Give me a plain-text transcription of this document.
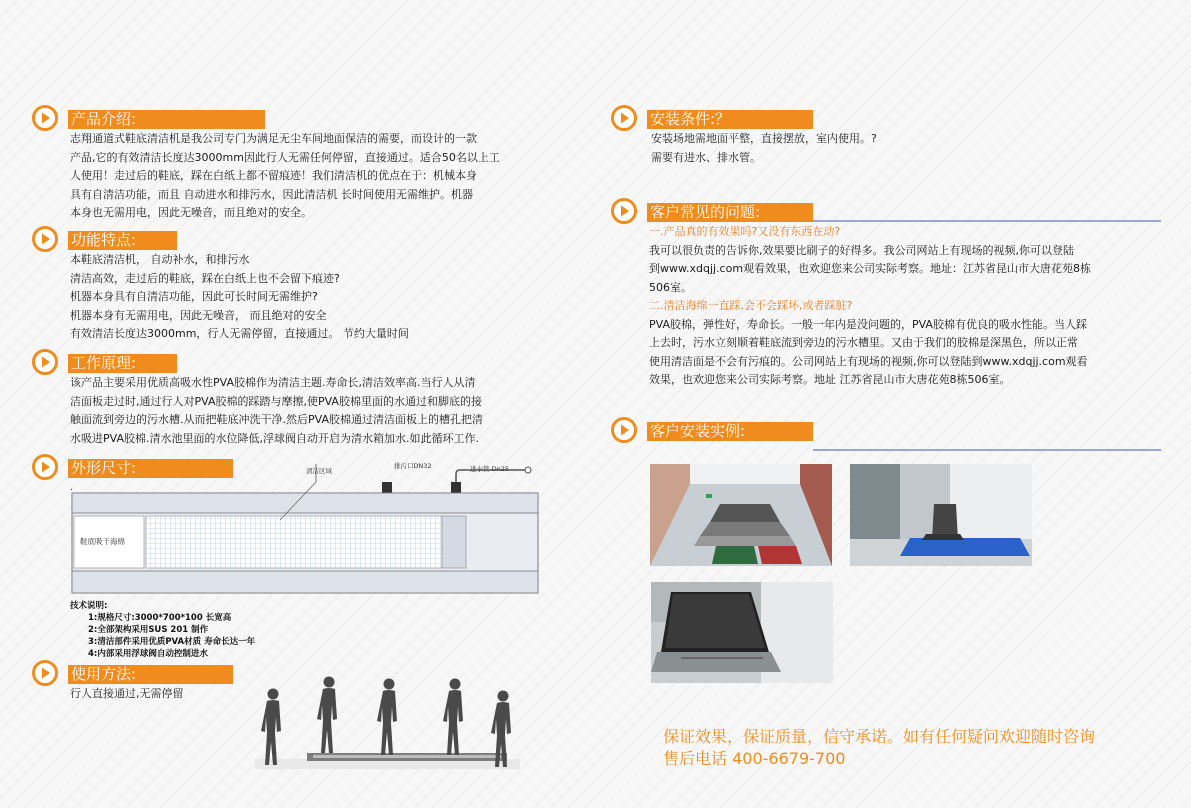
产品介绍:

志翔通道式鞋底清洁机是我公司专门为满足无尘车间地面保洁的需要，而设计的一款

产品,它的有效清洁长度达3000mm因此行人无需任何停留，直接通过。适合50名以上工

人使用！走过后的鞋底，踩在白纸上都不留痕迹！我们清洁机的优点在于：机械本身

具有自清洁功能，而且 自动进水和排污水，因此清洁机 长时间使用无需维护。机器

本身也无需用电，因此无噪音，而且绝对的安全。

功能特点:

本鞋底清洁机， 自动补水，和排污水

清洁高效，走过后的鞋底，踩在白纸上也不会留下痕迹?

机器本身具有自清洁功能，因此可长时间无需维护?

机器本身有无需用电，因此无噪音， 而且绝对的安全

有效清洁长度达3000mm，行人无需停留，直接通过。 节约大量时间

工作原理:

该产品主要采用优质高吸水性PVA胶棉作为清洁主题.寿命长,清洁效率高.当行人从清

洁面板走过时,通过行人对PVA胶棉的踩踏与摩擦,使PVA胶棉里面的水通过和脚底的接

触面流到旁边的污水槽.从而把鞋底冲洗干净.然后PVA胶棉通过清洁面板上的槽孔把清

水吸进PVA胶棉.清水池里面的水位降低,浮球阀自动开启为清水箱加水.如此循环工作.

外形尺寸:
.
清洁区域
排污口DN32	进水管 Dn25
鞋底吸干海绵
技术说明:
1:规格尺寸:3000*700*100 长宽高
2:全部架构采用SUS 201 制作
3:清洁部件采用优质PVA材质 寿命长达一年
4:内部采用浮球阀自动控制进水
使用方法:
行人直接通过,无需停留
安装条件:？

安装场地需地面平整，直接摆放，室内使用。?

需要有进水、排水管。

客户常见的问题:

一.产品真的有效果吗?又没有东西在动?

我可以很负责的告诉你,效果要比刷子的好得多。我公司网站上有现场的视频,你可以登陆

到www.xdqjj.com观看效果，也欢迎您来公司实际考察。地址：江苏省昆山市大唐花苑8栋

506室。

二.清洁海绵一直踩,会不会踩坏,或者踩脏?

PVA胶棉，弹性好，寿命长。一般一年内是没问题的，PVA胶棉有优良的吸水性能。当人踩

上去时，污水立刻顺着鞋底流到旁边的污水槽里。又由于我们的胶棉是深黑色，所以正常

使用清洁面是不会有污痕的。公司网站上有现场的视频,你可以登陆到www.xdqjj.com观看

效果，也欢迎您来公司实际考察。地址 江苏省昆山市大唐花苑8栋506室。

客户安装实例:
保证效果，保证质量，信守承诺。如有任何疑问欢迎随时咨询
售后电话 400-6679-700
